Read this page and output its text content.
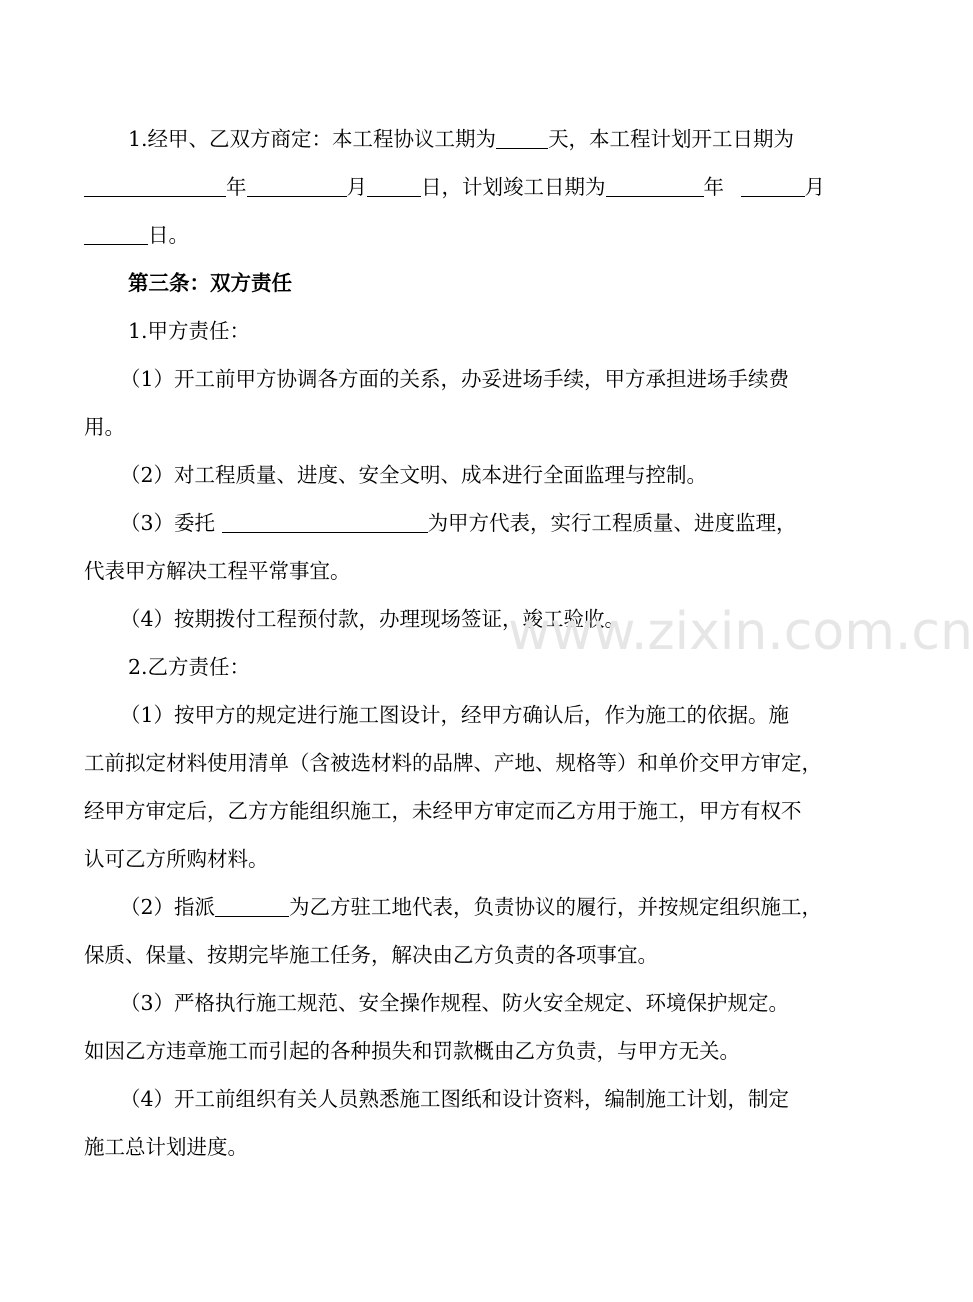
1.经甲、乙双方商定：本工程协议工期为	天，本工程计划开工日期为
年	月	日，计划竣工日期为	年	月
日。
第三条：双方责任
1.甲方责任：
（1）开工前甲方协调各方面的关系，办妥进场手续，甲方承担进场手续费
用。
（2）对工程质量、进度、安全文明、成本进行全面监理与控制。
（3）委托	为甲方代表，实行工程质量、进度监理，
代表甲方解决工程平常事宜。
（4）按期拨付工程预付款，办理现场签证，竣工验收。
2.乙方责任：
（1）按甲方的规定进行施工图设计，经甲方确认后，作为施工的依据。施
工前拟定材料使用清单（含被选材料的品牌、产地、规格等）和单价交甲方审定，
经甲方审定后，乙方方能组织施工，未经甲方审定而乙方用于施工，甲方有权不
认可乙方所购材料。
（2）指派	为乙方驻工地代表，负责协议的履行，并按规定组织施工，
保质、保量、按期完毕施工任务，解决由乙方负责的各项事宜。
（3）严格执行施工规范、安全操作规程、防火安全规定、环境保护规定。
如因乙方违章施工而引起的各种损失和罚款概由乙方负责，与甲方无关。
（4）开工前组织有关人员熟悉施工图纸和设计资料，编制施工计划，制定
施工总计划进度。
www.zixin.com.cn
